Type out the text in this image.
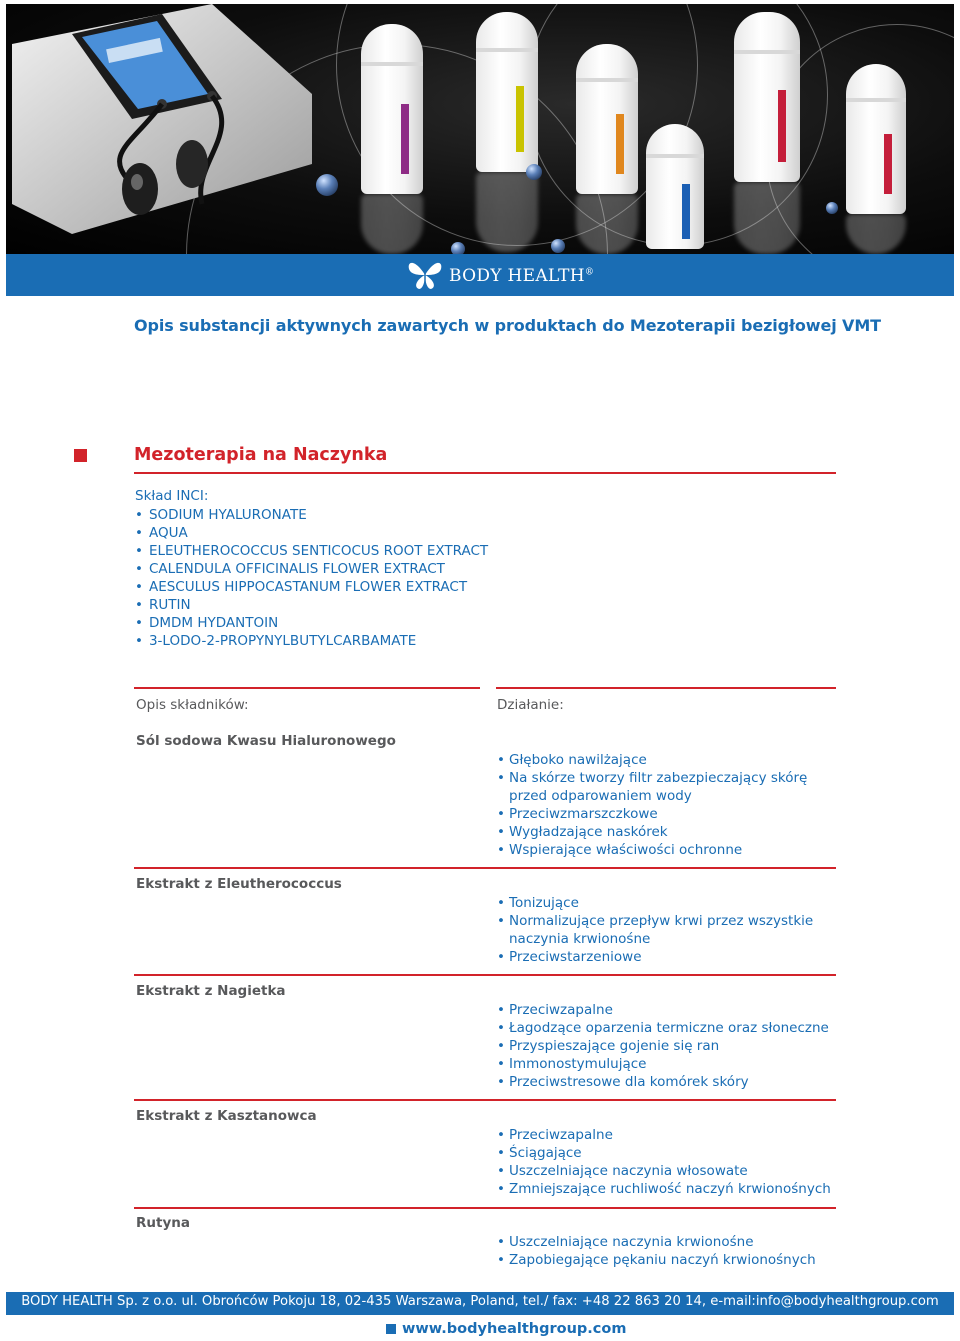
BODY HEALTH®
Opis substancji aktywnych zawartych w produktach do Mezoterapii bezigłowej VMT
Mezoterapia na Naczynka
Skład INCI:
• SODIUM HYALURONATE
• AQUA
• ELEUTHEROCOCCUS SENTICOCUS ROOT EXTRACT
• CALENDULA OFFICINALIS FLOWER EXTRACT
• AESCULUS HIPPOCASTANUM FLOWER EXTRACT
• RUTIN
• DMDM HYDANTOIN
• 3-LODO-2-PROPYNYLBUTYLCARBAMATE
Opis składników:	Działanie:
Sól sodowa Kwasu Hialuronowego
• Głęboko nawilżające
• Na skórze tworzy filtr zabezpieczający skórę
przed odparowaniem wody
• Przeciwzmarszczkowe
• Wygładzające naskórek
• Wspierające właściwości ochronne
Ekstrakt z Eleutherococcus
• Tonizujące
• Normalizujące przepływ krwi przez wszystkie
naczynia krwionośne
• Przeciwstarzeniowe
Ekstrakt z Nagietka
• Przeciwzapalne
• Łagodzące oparzenia termiczne oraz słoneczne
• Przyspieszające gojenie się ran
• Immonostymulujące
• Przeciwstresowe dla komórek skóry
Ekstrakt z Kasztanowca
• Przeciwzapalne
• Ściągające
• Uszczelniające naczynia włosowate
• Zmniejszające ruchliwość naczyń krwionośnych
Rutyna
• Uszczelniające naczynia krwionośne
• Zapobiegające pękaniu naczyń krwionośnych
BODY HEALTH Sp. z o.o. ul. Obrońców Pokoju 18, 02-435 Warszawa, Poland, tel./ fax: +48 22 863 20 14, e-mail:info@bodyhealthgroup.com
www.bodyhealthgroup.com
